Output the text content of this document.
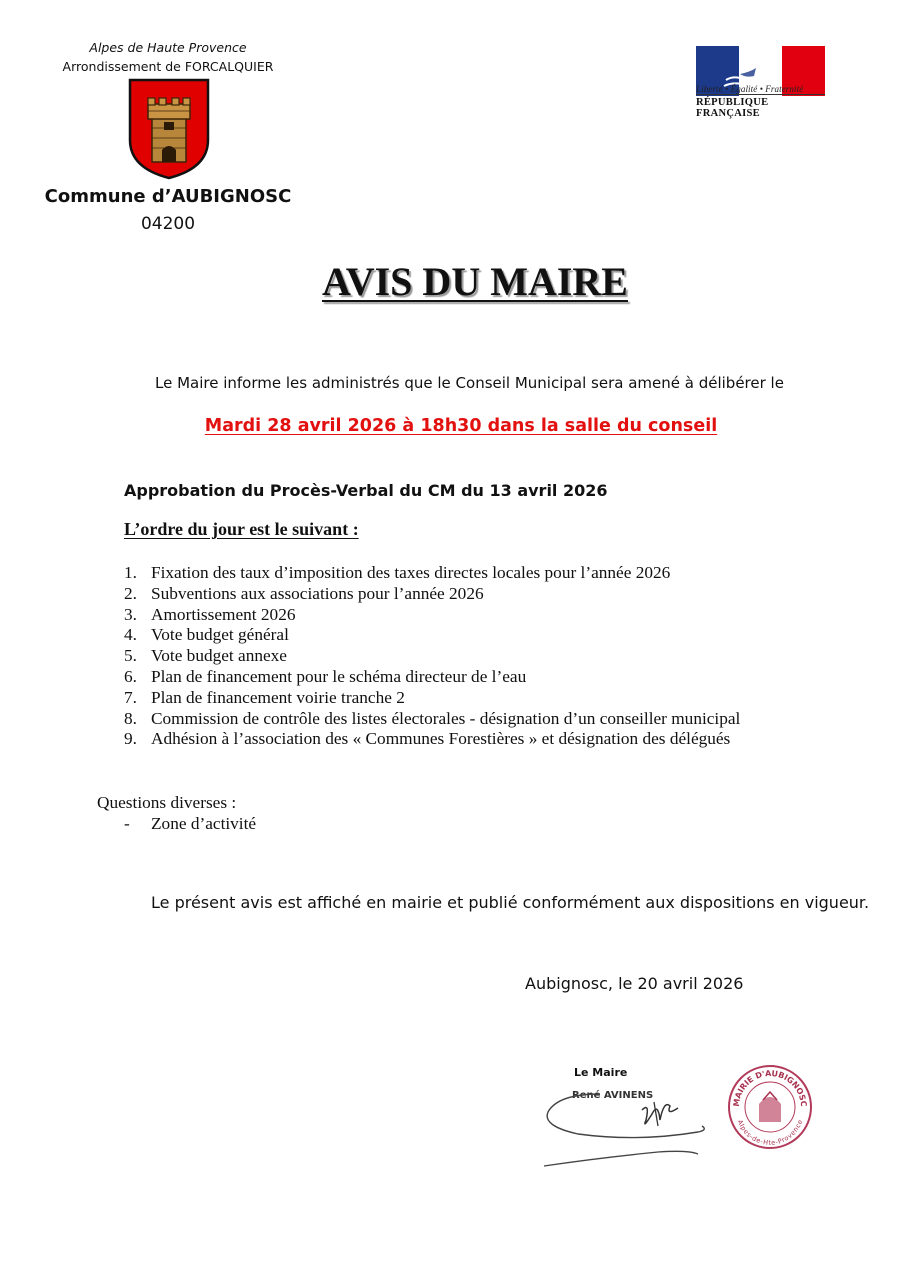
Alpes de Haute Provence
Arrondissement de FORCALQUIER
Commune d’AUBIGNOSC
04200
Liberté • Égalité • Fraternité
RÉPUBLIQUE FRANÇAISE
AVIS DU MAIRE
Le Maire informe les administrés que le Conseil Municipal sera amené à délibérer le
Mardi 28 avril 2026 à 18h30 dans la salle du conseil
Approbation du Procès-Verbal du CM du 13 avril 2026
L’ordre du jour est le suivant :
1. Fixation des taux d’imposition des taxes directes locales pour l’année 2026
2. Subventions aux associations pour l’année 2026
3. Amortissement 2026
4. Vote budget général
5. Vote budget annexe
6. Plan de financement pour le schéma directeur de l’eau
7. Plan de financement voirie tranche 2
8. Commission de contrôle des listes électorales - désignation d’un conseiller municipal
9. Adhésion à l’association des « Communes Forestières » et désignation des délégués
Questions diverses :
-	Zone d’activité
Le présent avis est affiché en mairie et publié conformément aux dispositions en vigueur.
Aubignosc, le 20 avril 2026
Le Maire
René AVINENS
MAIRIE D'AUBIGNOSC
Alpes-de-Hte-Provence
